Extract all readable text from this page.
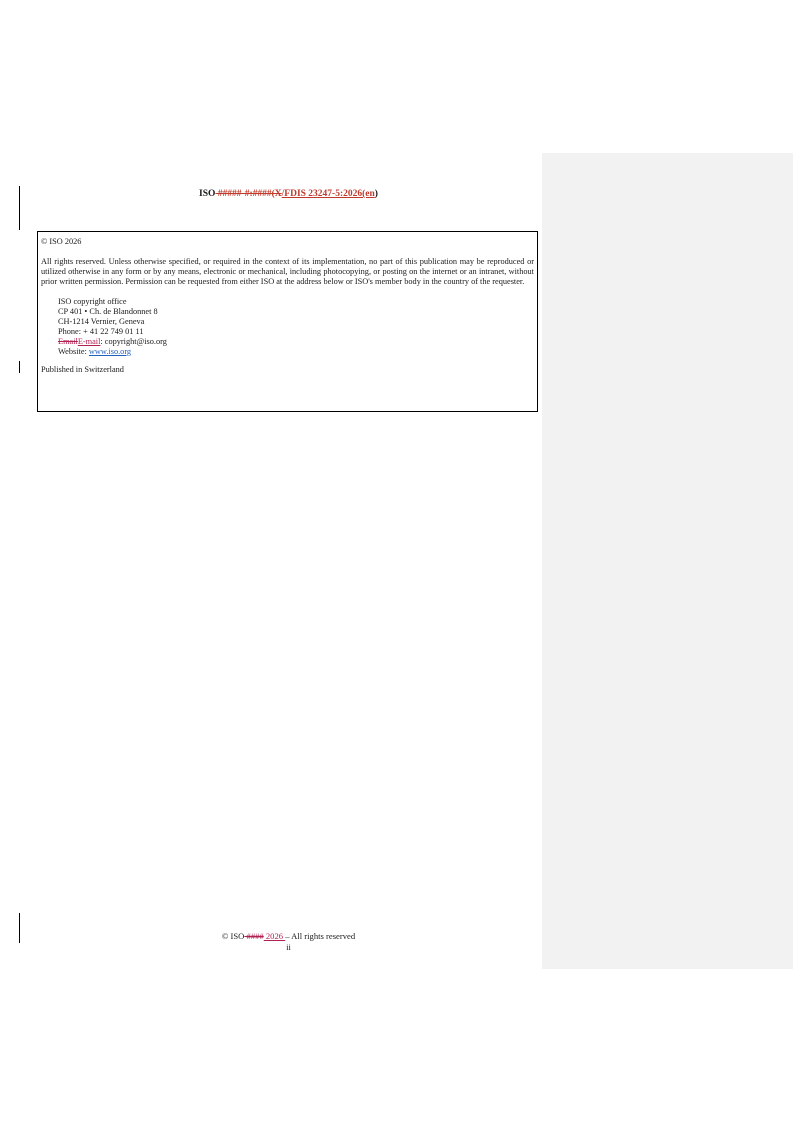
ISO #####-#:####(X/FDIS 23247-5:2026(en)

© ISO 2026

All rights reserved. Unless otherwise specified, or required in the context of its implementation, no part of this publication may be reproduced or utilized otherwise in any form or by any means, electronic or mechanical, including photocopying, or posting on the internet or an intranet, without prior written permission. Permission can be requested from either ISO at the address below or ISO's member body in the country of the requester.

ISO copyright office
CP 401 • Ch. de Blandonnet 8
CH-1214 Vernier, Geneva
Phone: + 41 22 749 01 11
EmailE-mail: copyright@iso.org
Website: www.iso.org

Published in Switzerland

© ISO #### 2026 – All rights reserved
ii
